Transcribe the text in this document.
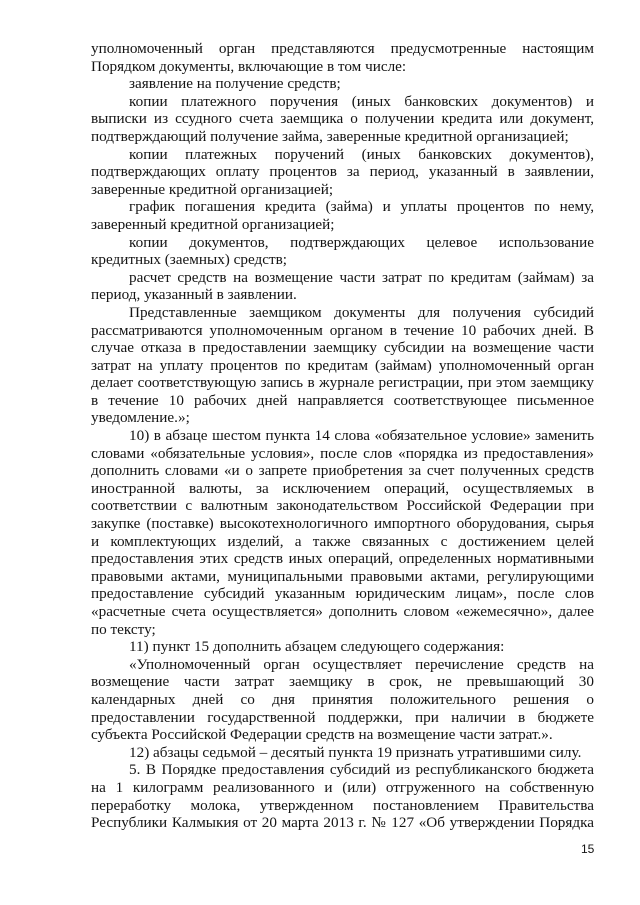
уполномоченный орган представляются предусмотренные настоящим Порядком документы, включающие в том числе:

заявление на получение средств;

копии платежного поручения (иных банковских документов) и выписки из ссудного счета заемщика о получении кредита или документ, подтверждающий получение займа, заверенные кредитной организацией;

копии платежных поручений (иных банковских документов), подтверждающих оплату процентов за период, указанный в заявлении, заверенные кредитной организацией;

график погашения кредита (займа) и уплаты процентов по нему, заверенный кредитной организацией;

копии документов, подтверждающих целевое использование кредитных (заемных) средств;

расчет средств на возмещение части затрат по кредитам (займам) за период, указанный в заявлении.

Представленные заемщиком документы для получения субсидий рассматриваются уполномоченным органом в течение 10 рабочих дней. В случае отказа в предоставлении заемщику субсидии на возмещение части затрат на уплату процентов по кредитам (займам) уполномоченный орган делает соответствующую запись в журнале регистрации, при этом заемщику в течение 10 рабочих дней направляется соответствующее письменное уведомление.»;

10) в абзаце шестом пункта 14 слова «обязательное условие» заменить словами «обязательные условия», после слов «порядка из предоставления» дополнить словами «и о запрете приобретения за счет полученных средств иностранной валюты, за исключением операций, осуществляемых в соответствии с валютным законодательством Российской Федерации при закупке (поставке) высокотехнологичного импортного оборудования, сырья и комплектующих изделий, а также связанных с достижением целей предоставления этих средств иных операций, определенных нормативными правовыми актами, муниципальными правовыми актами, регулирующими предоставление субсидий указанным юридическим лицам», после слов «расчетные счета осуществляется» дополнить словом «ежемесячно», далее по тексту;

11) пункт 15 дополнить абзацем следующего содержания:

«Уполномоченный орган осуществляет перечисление средств на возмещение части затрат заемщику в срок, не превышающий 30 календарных дней со дня принятия положительного решения о предоставлении государственной поддержки, при наличии в бюджете субъекта Российской Федерации средств на возмещение части затрат.».

12) абзацы седьмой – десятый пункта 19 признать утратившими силу.

5. В Порядке предоставления субсидий из республиканского бюджета на 1 килограмм реализованного и (или) отгруженного на собственную переработку молока, утвержденном постановлением Правительства Республики Калмыкия от 20 марта 2013 г. № 127 «Об утверждении Порядка

15
